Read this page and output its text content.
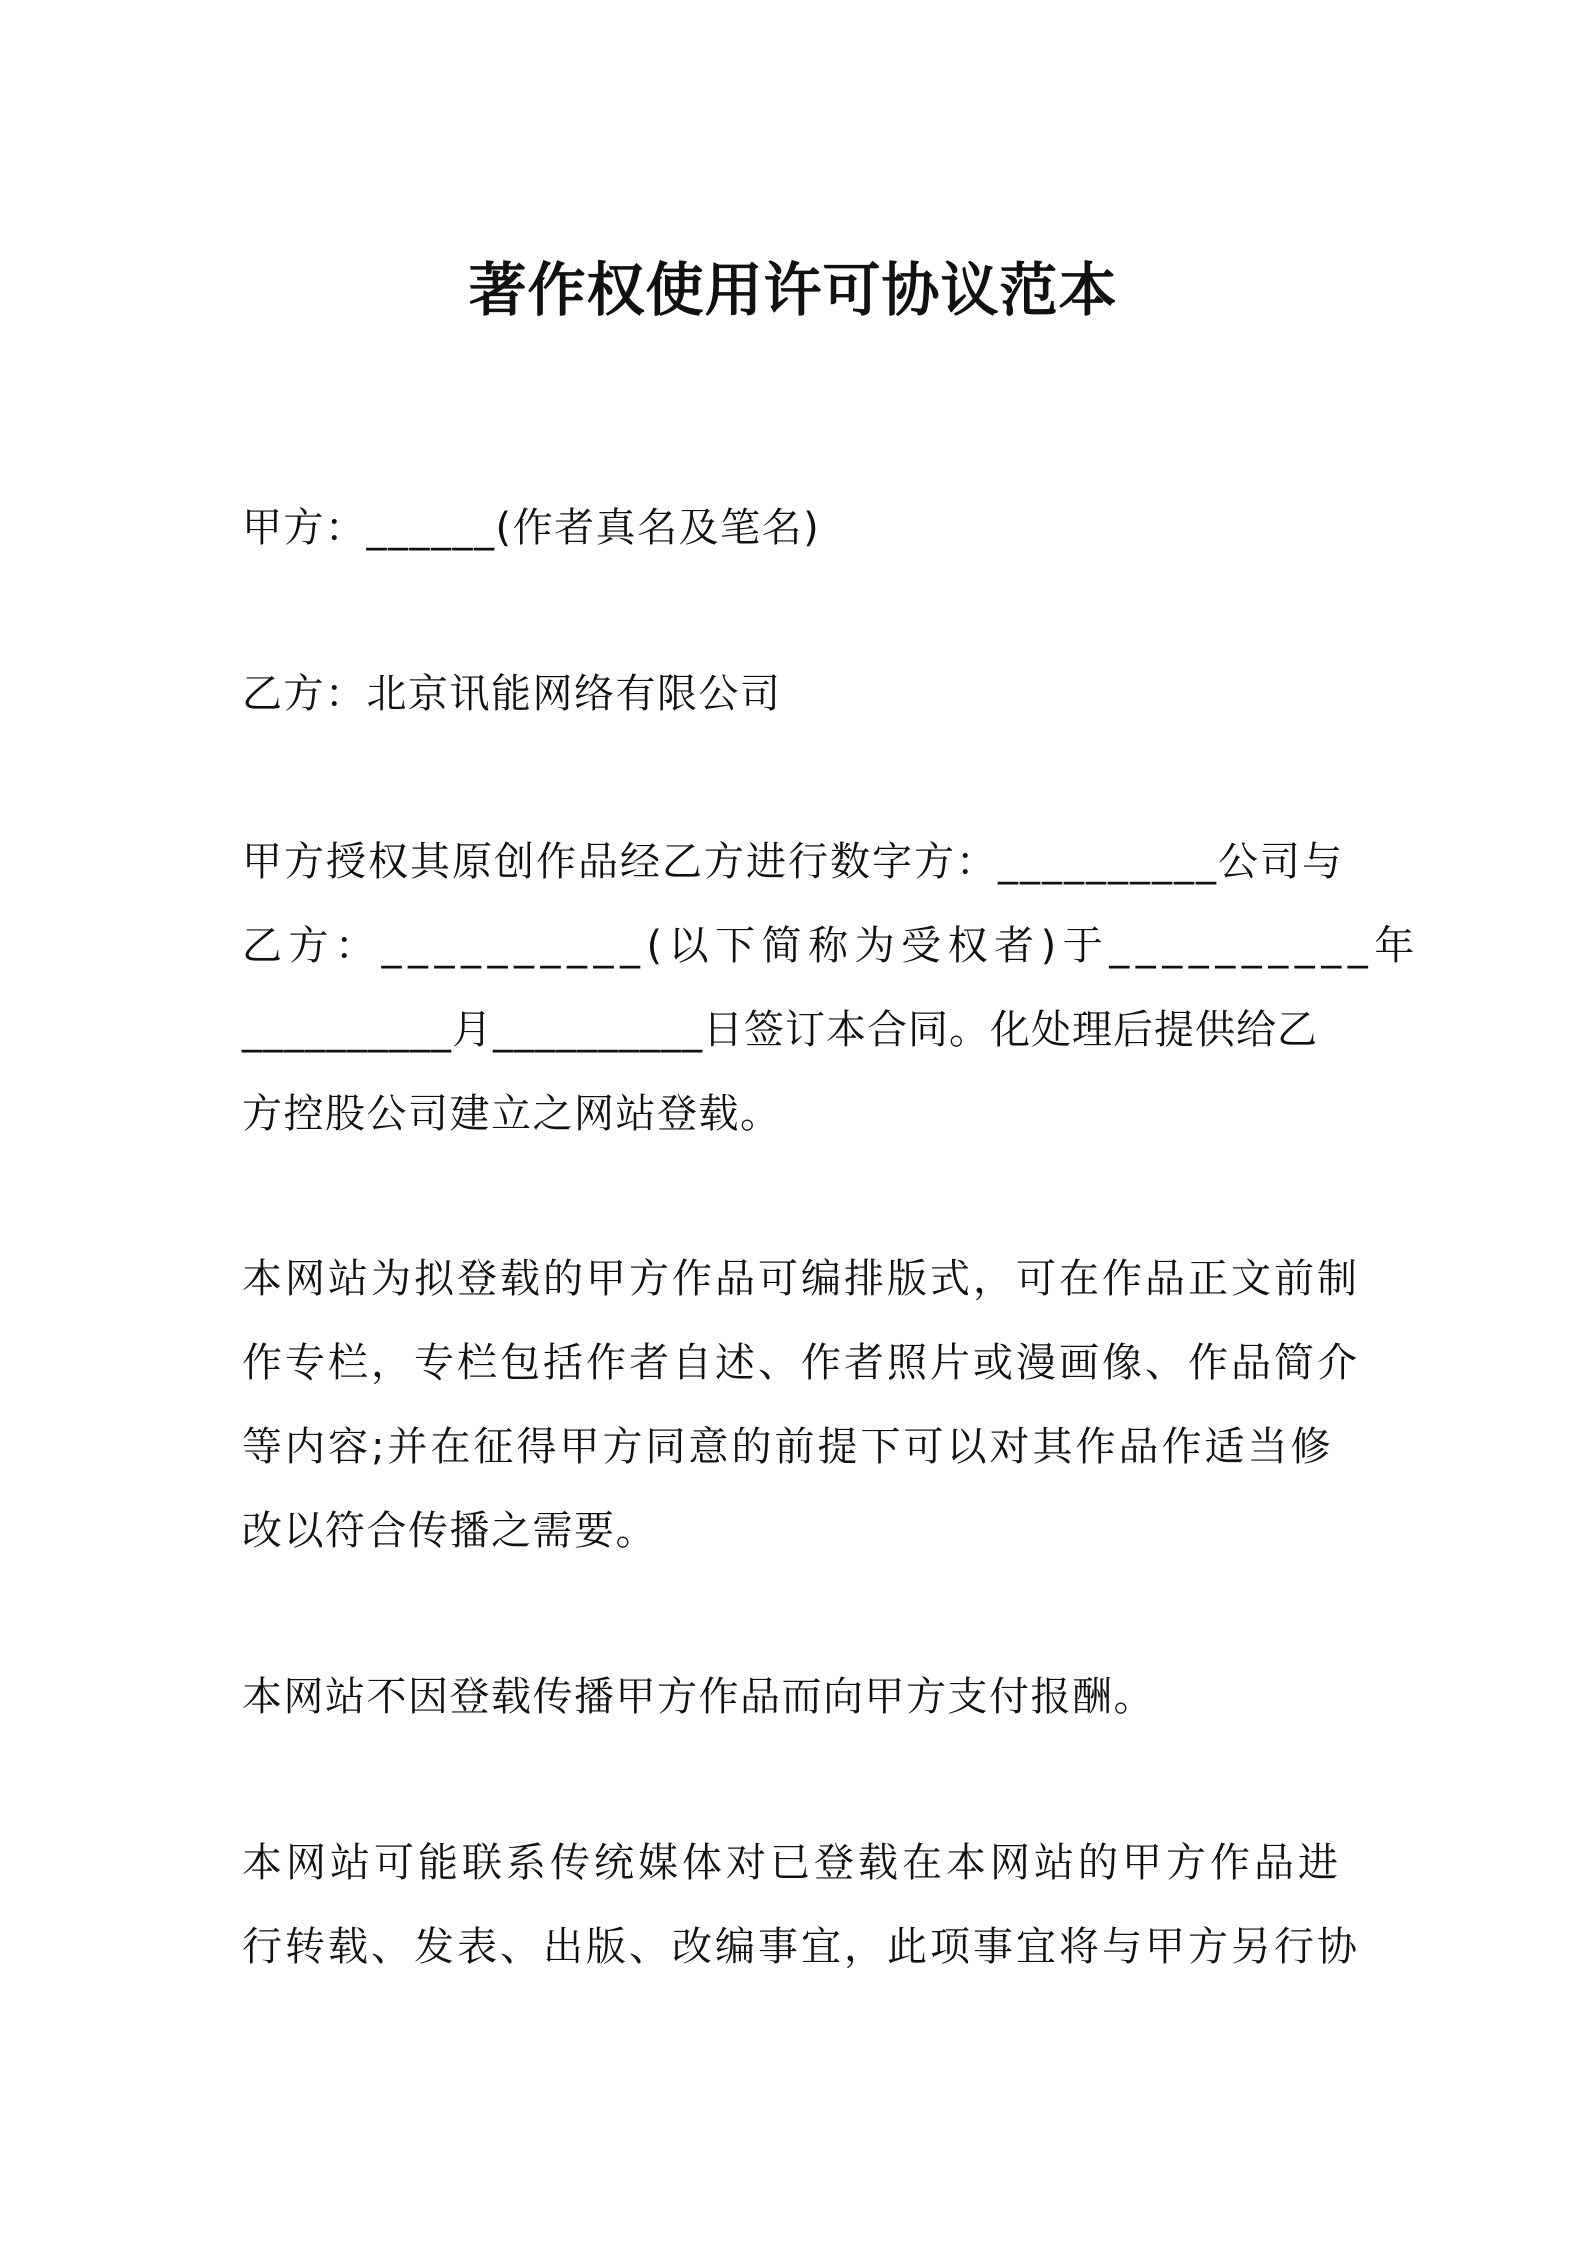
著作权使用许可协议范本
甲方：______(作者真名及笔名)
乙方：北京讯能网络有限公司
甲方授权其原创作品经乙方进行数字方：__________公司与
乙方：__________(以下简称为受权者)于__________年
__________月__________日签订本合同。化处理后提供给乙
方控股公司建立之网站登载。
本网站为拟登载的甲方作品可编排版式，可在作品正文前制
作专栏，专栏包括作者自述、作者照片或漫画像、作品简介
等内容;并在征得甲方同意的前提下可以对其作品作适当修
改以符合传播之需要。
本网站不因登载传播甲方作品而向甲方支付报酬。
本网站可能联系传统媒体对已登载在本网站的甲方作品进
行转载、发表、出版、改编事宜，此项事宜将与甲方另行协
